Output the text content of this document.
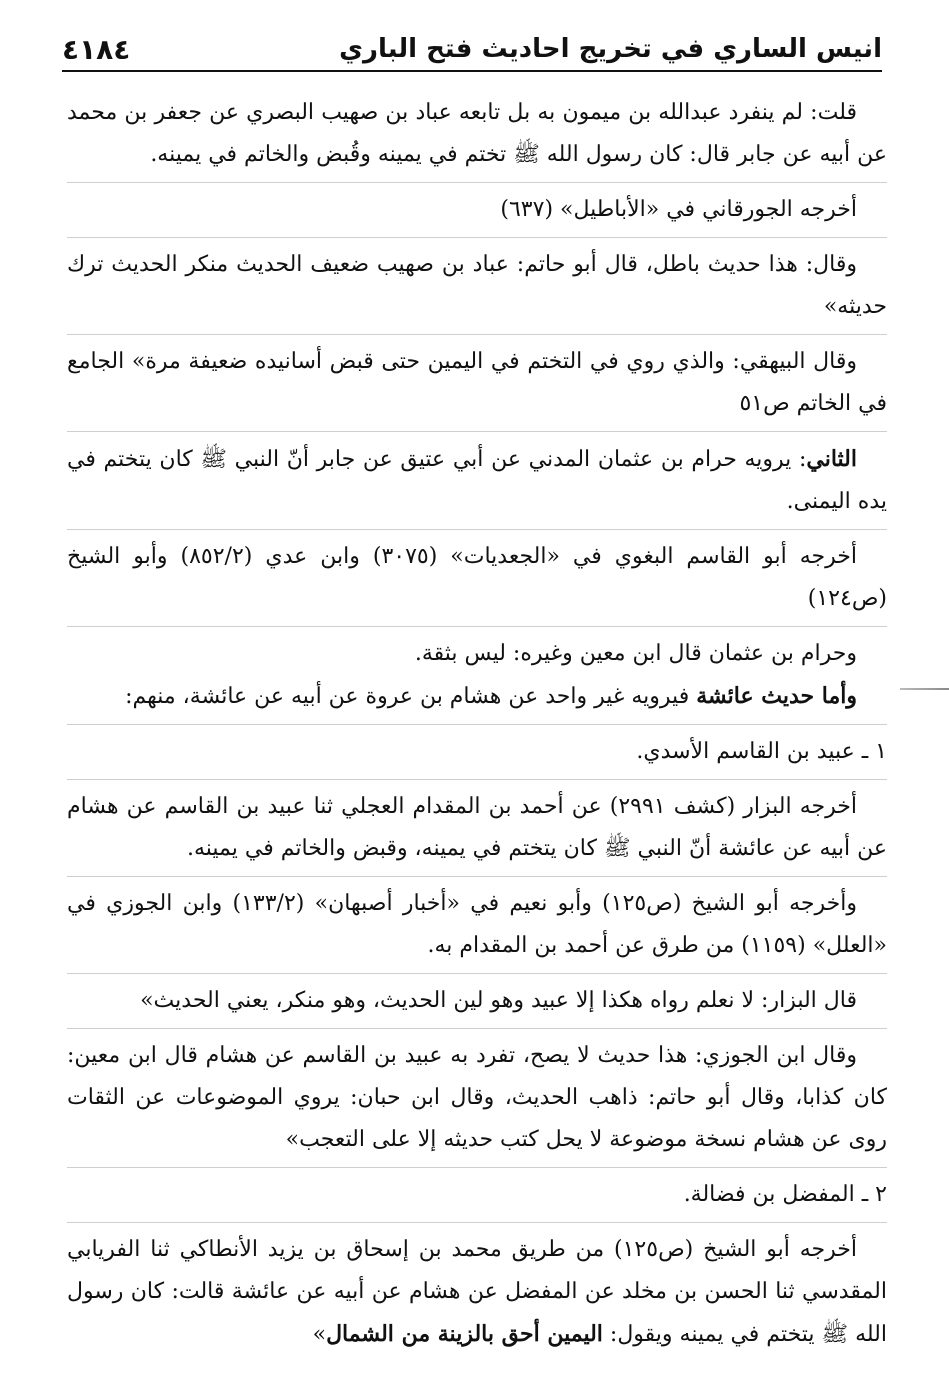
انيس الساري في تخريج احاديث فتح الباري
٤١٨٤

قلت: لم ينفرد عبدالله بن ميمون به بل تابعه عباد بن صهيب البصري عن جعفر بن محمد عن أبيه عن جابر قال: كان رسول الله ﷺ تختم في يمينه وقُبض والخاتم في يمينه.

أخرجه الجورقاني في «الأباطيل» (٦٣٧)

وقال: هذا حديث باطل، قال أبو حاتم: عباد بن صهيب ضعيف الحديث منكر الحديث ترك حديثه»

وقال البيهقي: والذي روي في التختم في اليمين حتى قبض أسانيده ضعيفة مرة» الجامع في الخاتم ص٥١

الثاني: يرويه حرام بن عثمان المدني عن أبي عتيق عن جابر أنّ النبي ﷺ كان يتختم في يده اليمنى.

أخرجه أبو القاسم البغوي في «الجعديات» (٣٠٧٥) وابن عدي (٨٥٢/٢) وأبو الشيخ (ص١٢٤)

وحرام بن عثمان قال ابن معين وغيره: ليس بثقة.

وأما حديث عائشة فيرويه غير واحد عن هشام بن عروة عن أبيه عن عائشة، منهم:

١ ـ عبيد بن القاسم الأسدي.

أخرجه البزار (كشف ٢٩٩١) عن أحمد بن المقدام العجلي ثنا عبيد بن القاسم عن هشام عن أبيه عن عائشة أنّ النبي ﷺ كان يتختم في يمينه، وقبض والخاتم في يمينه.

وأخرجه أبو الشيخ (ص١٢٥) وأبو نعيم في «أخبار أصبهان» (١٣٣/٢) وابن الجوزي في «العلل» (١١٥٩) من طرق عن أحمد بن المقدام به.

قال البزار: لا نعلم رواه هكذا إلا عبيد وهو لين الحديث، وهو منكر، يعني الحديث»

وقال ابن الجوزي: هذا حديث لا يصح، تفرد به عبيد بن القاسم عن هشام قال ابن معين: كان كذابا، وقال أبو حاتم: ذاهب الحديث، وقال ابن حبان: يروي الموضوعات عن الثقات روى عن هشام نسخة موضوعة لا يحل كتب حديثه إلا على التعجب»

٢ ـ المفضل بن فضالة.

أخرجه أبو الشيخ (ص١٢٥) من طريق محمد بن إسحاق بن يزيد الأنطاكي ثنا الفريابي المقدسي ثنا الحسن بن مخلد عن المفضل عن هشام عن أبيه عن عائشة قالت: كان رسول الله ﷺ يتختم في يمينه ويقول: اليمين أحق بالزينة من الشمال»
